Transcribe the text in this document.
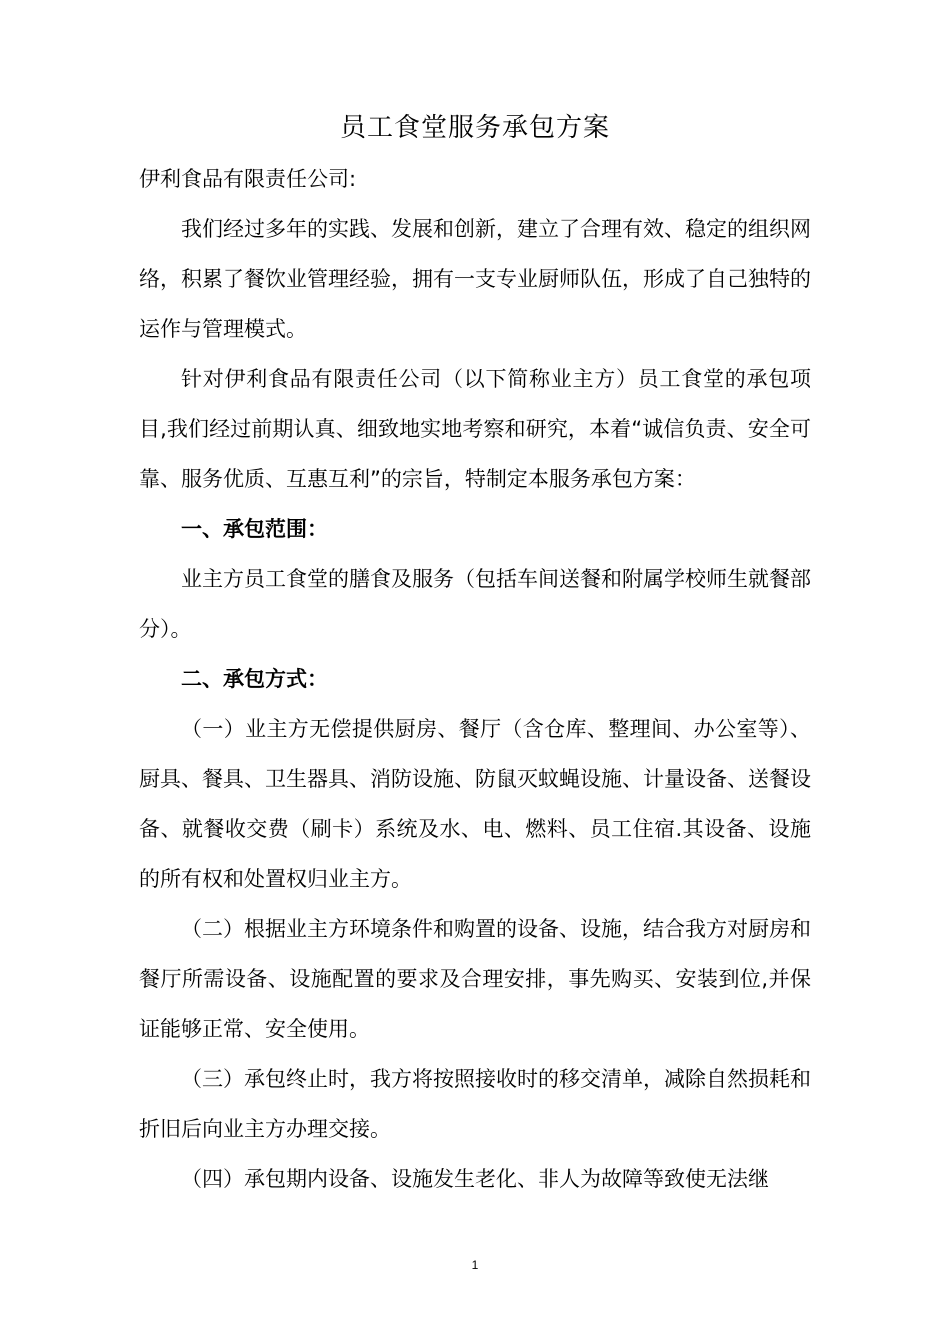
员工食堂服务承包方案

伊利食品有限责任公司:

我们经过多年的实践、发展和创新，建立了合理有效、稳定的组织网络，积累了餐饮业管理经验，拥有一支专业厨师队伍，形成了自己独特的运作与管理模式。

针对伊利食品有限责任公司（以下简称业主方）员工食堂的承包项目,我们经过前期认真、细致地实地考察和研究，本着“诚信负责、安全可靠、服务优质、互惠互利”的宗旨，特制定本服务承包方案：

一、承包范围：

业主方员工食堂的膳食及服务（包括车间送餐和附属学校师生就餐部分）。

二、承包方式：

（一）业主方无偿提供厨房、餐厅（含仓库、整理间、办公室等）、厨具、餐具、卫生器具、消防设施、防鼠灭蚊蝇设施、计量设备、送餐设备、就餐收交费（刷卡）系统及水、电、燃料、员工住宿.其设备、设施的所有权和处置权归业主方。

（二）根据业主方环境条件和购置的设备、设施，结合我方对厨房和餐厅所需设备、设施配置的要求及合理安排，事先购买、安装到位,并保证能够正常、安全使用。

（三）承包终止时，我方将按照接收时的移交清单，减除自然损耗和折旧后向业主方办理交接。

（四）承包期内设备、设施发生老化、非人为故障等致使无法继

1
